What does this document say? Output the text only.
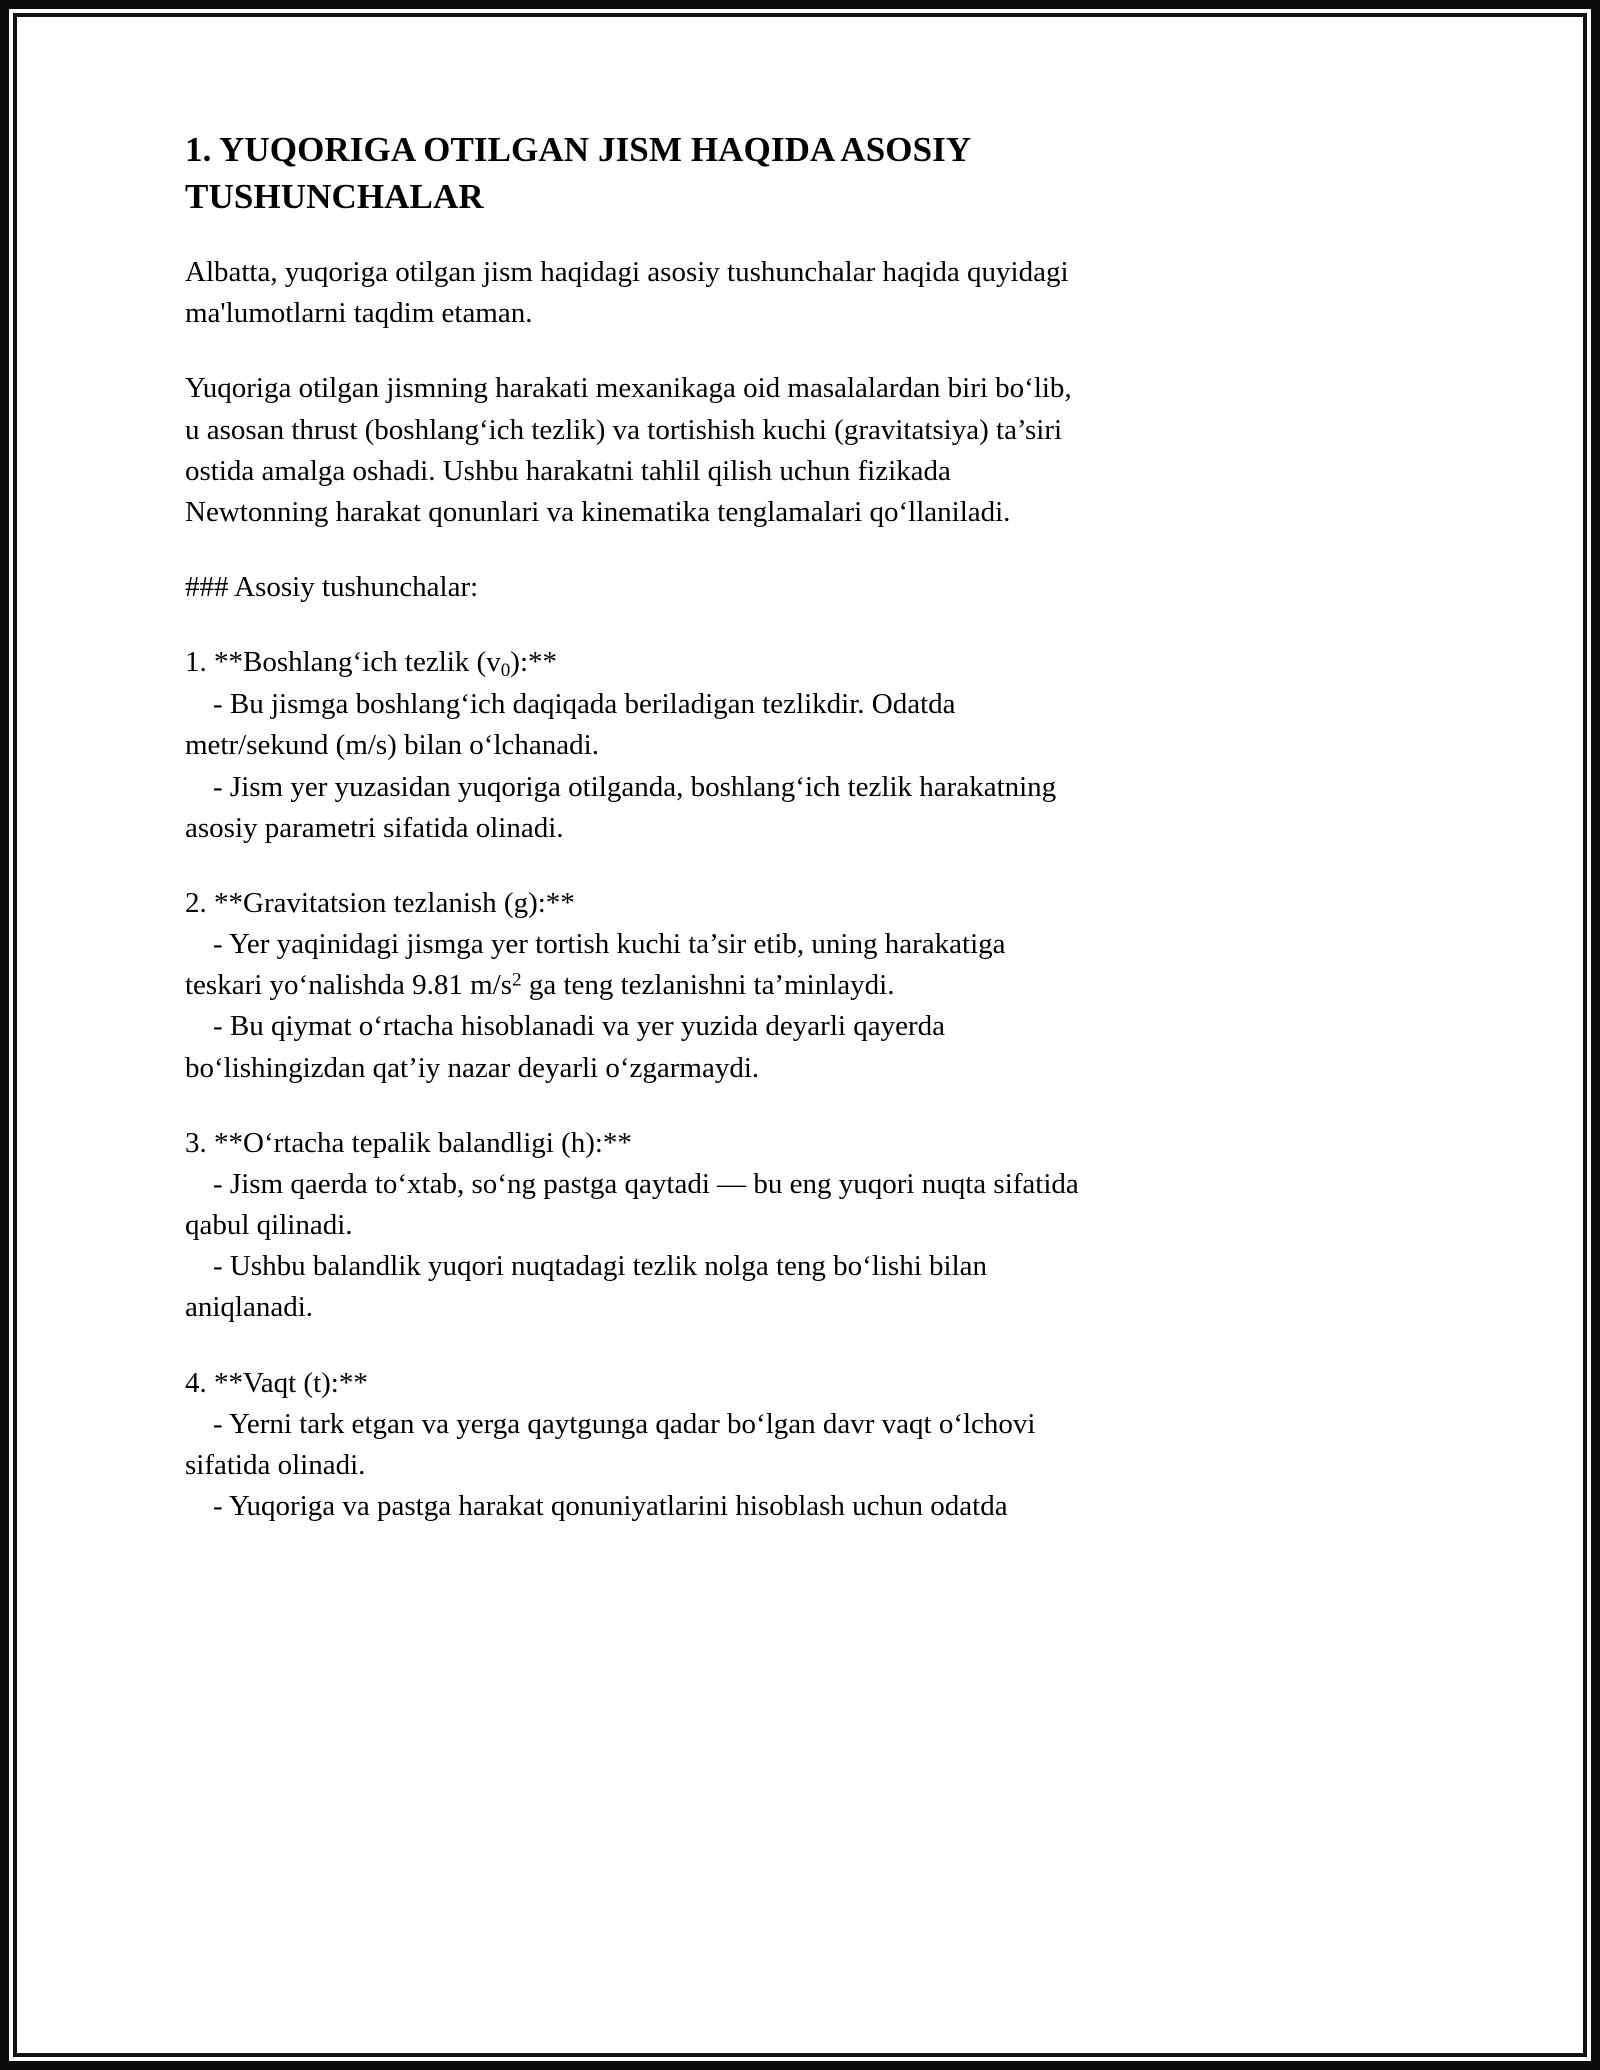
1. YUQORIGA OTILGAN JISM HAQIDA ASOSIY TUSHUNCHALAR

Albatta, yuqoriga otilgan jism haqidagi asosiy tushunchalar haqida quyidagi ma'lumotlarni taqdim etaman.

Yuqoriga otilgan jismning harakati mexanikaga oid masalalardan biri bo‘lib, u asosan thrust (boshlang‘ich tezlik) va tortishish kuchi (gravitatsiya) ta’siri ostida amalga oshadi. Ushbu harakatni tahlil qilish uchun fizikada Newtonning harakat qonunlari va kinematika tenglamalari qo‘llaniladi.

### Asosiy tushunchalar:

1. **Boshlang‘ich tezlik $(v_0):**$

- Bu jismga boshlang‘ich daqiqada beriladigan tezlikdir. Odatda metr/sekund (m/s) bilan o‘lchanadi.

- Jism yer yuzasidan yuqoriga otilganda, boshlang‘ich tezlik harakatning asosiy parametri sifatida olinadi.

2. **Gravitatsion tezlanish (g):**

- Yer yaqinidagi jismga yer tortish kuchi ta’sir etib, uning harakatiga teskari yo‘nalishda 9.81 $m/s^2$ ga teng tezlanishni ta’minlaydi.

- Bu qiymat o‘rtacha hisoblanadi va yer yuzida deyarli qayerda bo‘lishingizdan qat’iy nazar deyarli o‘zgarmaydi.

3. **O‘rtacha tepalik balandligi (h):**

- Jism qaerda to‘xtab, so‘ng pastga qaytadi — bu eng yuqori nuqta sifatida qabul qilinadi.

- Ushbu balandlik yuqori nuqtadagi tezlik nolga teng bo‘lishi bilan aniqlanadi.

4. **Vaqt (t):**

- Yerni tark etgan va yerga qaytgunga qadar bo‘lgan davr vaqt o‘lchovi sifatida olinadi.

- Yuqoriga va pastga harakat qonuniyatlarini hisoblash uchun odatda
